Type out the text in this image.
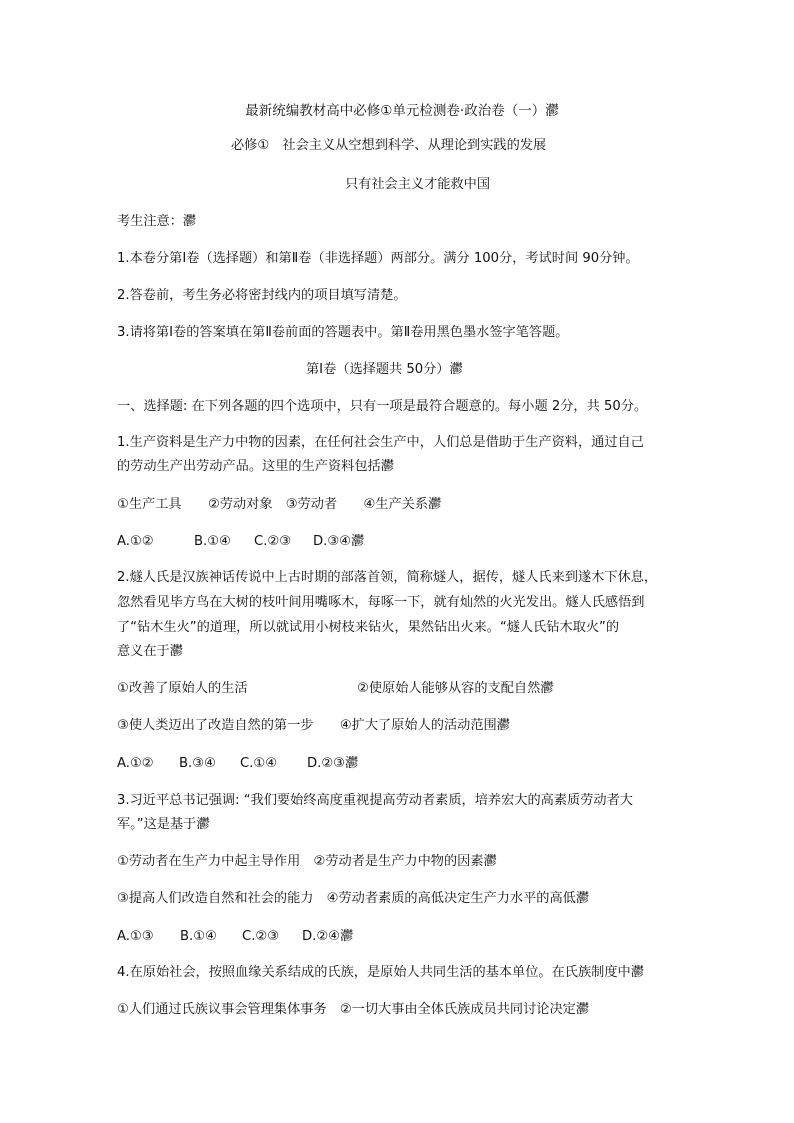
最新统编教材高中必修①单元检测卷·政治卷（一）灪
必修①　社会主义从空想到科学、从理论到实践的发展
只有社会主义才能救中国
考生注意：灪
1.本卷分第Ⅰ卷（选择题）和第Ⅱ卷（非选择题）两部分。满分 100分，考试时间 90分钟。
2.答卷前，考生务必将密封线内的项目填写清楚。
3.请将第Ⅰ卷的答案填在第Ⅱ卷前面的答题表中。第Ⅱ卷用黑色墨水签字笔答题。
第Ⅰ卷（选择题共 50分）灪
一、选择题: 在下列各题的四个选项中，只有一项是最符合题意的。每小题 2分，共 50分。
1.生产资料是生产力中物的因素，在任何社会生产中，人们总是借助于生产资料，通过自己
的劳动生产出劳动产品。这里的生产资料包括灪
①生产工具　　②劳动对象　③劳动者　　④生产关系灪
A.①②	B.①④ C.②③ D.③④灪
2.燧人氏是汉族神话传说中上古时期的部落首领，简称燧人，据传，燧人氏来到遂木下休息，
忽然看见毕方鸟在大树的枝叶间用嘴啄木，每啄一下，就有灿然的火光发出。燧人氏感悟到
了“钻木生火”的道理，所以就试用小树枝来钻火，果然钻出火来。“燧人氏钻木取火”的
意义在于灪
①改善了原始人的生活	②使原始人能够从容的支配自然灪
③使人类迈出了改造自然的第一步　　④扩大了原始人的活动范围灪
A.①② B.③④ C.①④ D.②③灪
3.习近平总书记强调: “我们要始终高度重视提高劳动者素质，培养宏大的高素质劳动者大
军。”这是基于灪
①劳动者在生产力中起主导作用　②劳动者是生产力中物的因素灪
③提高人们改造自然和社会的能力　④劳动者素质的高低决定生产力水平的高低灪
A.①③ B.①④ C.②③ D.②④灪
4.在原始社会，按照血缘关系结成的氏族，是原始人共同生活的基本单位。在氏族制度中灪
①人们通过氏族议事会管理集体事务　②一切大事由全体氏族成员共同讨论决定灪
